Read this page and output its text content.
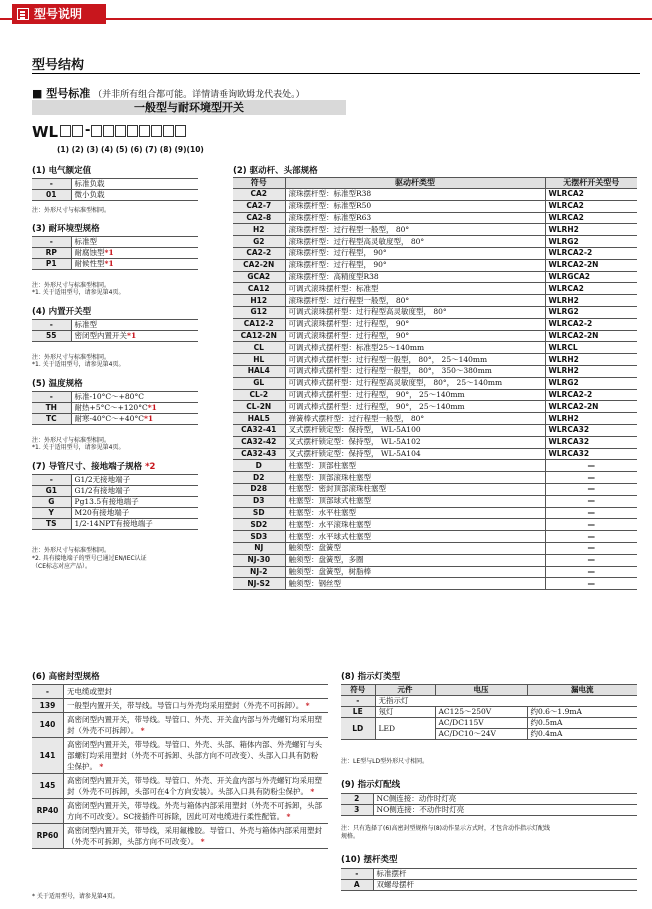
型号说明
型号结构
■ 型号标准 （并非所有组合都可能。详情请垂询欧姆龙代表处。）
一般型与耐环境型开关
WL -
(1) (2) (3) (4) (5) (6) (7) (8) (9)(10)
(1) 电气额定值
-	标准负载
01	微小负载
注：外形尺寸与标准型相同。
(3) 耐环境型规格
-	标准型
RP	耐腐蚀型*1
P1	耐候性型*1
注：外形尺寸与标准型相同。
*1. 关于适用型号，请参见第4页。
(4) 内置开关型
-	标准型
55	密闭型内置开关*1
注：外形尺寸与标准型相同。
*1. 关于适用型号，请参见第4页。
(5) 温度规格
-	标准-10°C～+80°C
TH	耐热+5°C～+120°C*1
TC	耐寒-40°C～+40°C*1
注：外形尺寸与标准型相同。
*1. 关于适用型号，请参见第4页。
(7) 导管尺寸、接地端子规格 *2
-	G1/2无接地端子
G1	G1/2有接地端子
G	Pg13.5有接地端子
Y	M20有接地端子
TS	1/2-14NPT有接地端子
注：外形尺寸与标准型相同。
*2. 具有接地端子的型号已通过EN/IEC认证
（CE标志对应产品）。
(2) 驱动杆、头部规格
符号	驱动杆类型	无摆杆开关型号
CA2	滚珠摆杆型：标准型R38	WLRCA2
CA2-7	滚珠摆杆型：标准型R50	WLRCA2
CA2-8	滚珠摆杆型：标准型R63	WLRCA2
H2	滚珠摆杆型：过行程型一般型， 80°	WLRH2
G2	滚珠摆杆型：过行程型高灵敏度型， 80°	WLRG2
CA2-2	滚珠摆杆型：过行程型， 90°	WLRCA2-2
CA2-2N	滚珠摆杆型：过行程型， 90°	WLRCA2-2N
GCA2	滚珠摆杆型：高精度型R38	WLRGCA2
CA12	可调式滚珠摆杆型：标准型	WLRCA2
H12	滚珠摆杆型：过行程型一般型， 80°	WLRH2
G12	可调式滚珠摆杆型：过行程型高灵敏度型， 80°	WLRG2
CA12-2	可调式滚珠摆杆型：过行程型， 90°	WLRCA2-2
CA12-2N	可调式滚珠摆杆型：过行程型， 90°	WLRCA2-2N
CL	可调式棒式摆杆型：标准型25～140mm	WLRCL
HL	可调式棒式摆杆型：过行程型一般型， 80°， 25～140mm	WLRH2
HAL4	可调式棒式摆杆型：过行程型一般型， 80°， 350～380mm	WLRH2
GL	可调式棒式摆杆型：过行程型高灵敏度型， 80°， 25～140mm	WLRG2
CL-2	可调式棒式摆杆型：过行程型， 90°， 25～140mm	WLRCA2-2
CL-2N	可调式棒式摆杆型：过行程型， 90°， 25～140mm	WLRCA2-2N
HAL5	弹簧棒式摆杆型：过行程型一般型， 80°	WLRH2
CA32-41	叉式摆杆锁定型：保持型， WL-5A100	WLRCA32
CA32-42	叉式摆杆锁定型：保持型， WL-5A102	WLRCA32
CA32-43	叉式摆杆锁定型：保持型， WL-5A104	WLRCA32
D	柱塞型：顶部柱塞型	—
D2	柱塞型：顶部滚珠柱塞型	—
D28	柱塞型：密封顶部滚珠柱塞型	—
D3	柱塞型：顶部球式柱塞型	—
SD	柱塞型：水平柱塞型	—
SD2	柱塞型：水平滚珠柱塞型	—
SD3	柱塞型：水平球式柱塞型	—
NJ	触须型：盘簧型	—
NJ-30	触须型：盘簧型，多圈	—
NJ-2	触须型：盘簧型，树脂棒	—
NJ-S2	触须型：钢丝型	—
(6) 高密封型规格
-	无电缆或塑封
139	一般型内置开关，带导线。导管口与外壳均采用塑封（外壳不可拆卸）。 *
140	高密闭型内置开关，带导线。导管口、外壳、开关盒内部与外壳螺钉均采用塑封（外壳不可拆卸）。 *
141	高密闭型内置开关，带导线。导管口、外壳、头部、箱体内部、外壳螺钉与头部螺钉均采用塑封（外壳不可拆卸、头部方向不可改变）、头部入口具有防粉尘保护。 *
145	高密闭型内置开关，带导线。导管口、外壳、开关盒内部与外壳螺钉均采用塑封（外壳不可拆卸，头部可在4个方向安装）。头部入口具有防粉尘保护。 *
RP40	高密闭型内置开关，带导线。外壳与箱体内部采用塑封（外壳不可拆卸，头部方向不可改变）。SC接插件可拆除，因此可对电缆进行柔性配管。 *
RP60	高密闭型内置开关，带导线，采用氟橡胶。导管口、外壳与箱体内部采用塑封（外壳不可拆卸，头部方向不可改变）。 *
* 关于适用型号，请参见第4页。
(8) 指示灯类型
符号	元件	电压	漏电流
-	无指示灯		
LE	氖灯	AC125～250V	约0.6～1.9mA
LD	LED	AC/DC115V	约0.5mA
		AC/DC10～24V	约0.4mA
注：LE型与LD型外形尺寸相同。
(9) 指示灯配线
2	NC侧连接：动作时灯亮
3	NO侧连接：不动作时灯亮
注：只有选择了(6)高密封型规格与(8)动作显示方式时，才包含动作指示灯配线
规格。
(10) 摆杆类型
-	标准摆杆
A	双螺母摆杆
